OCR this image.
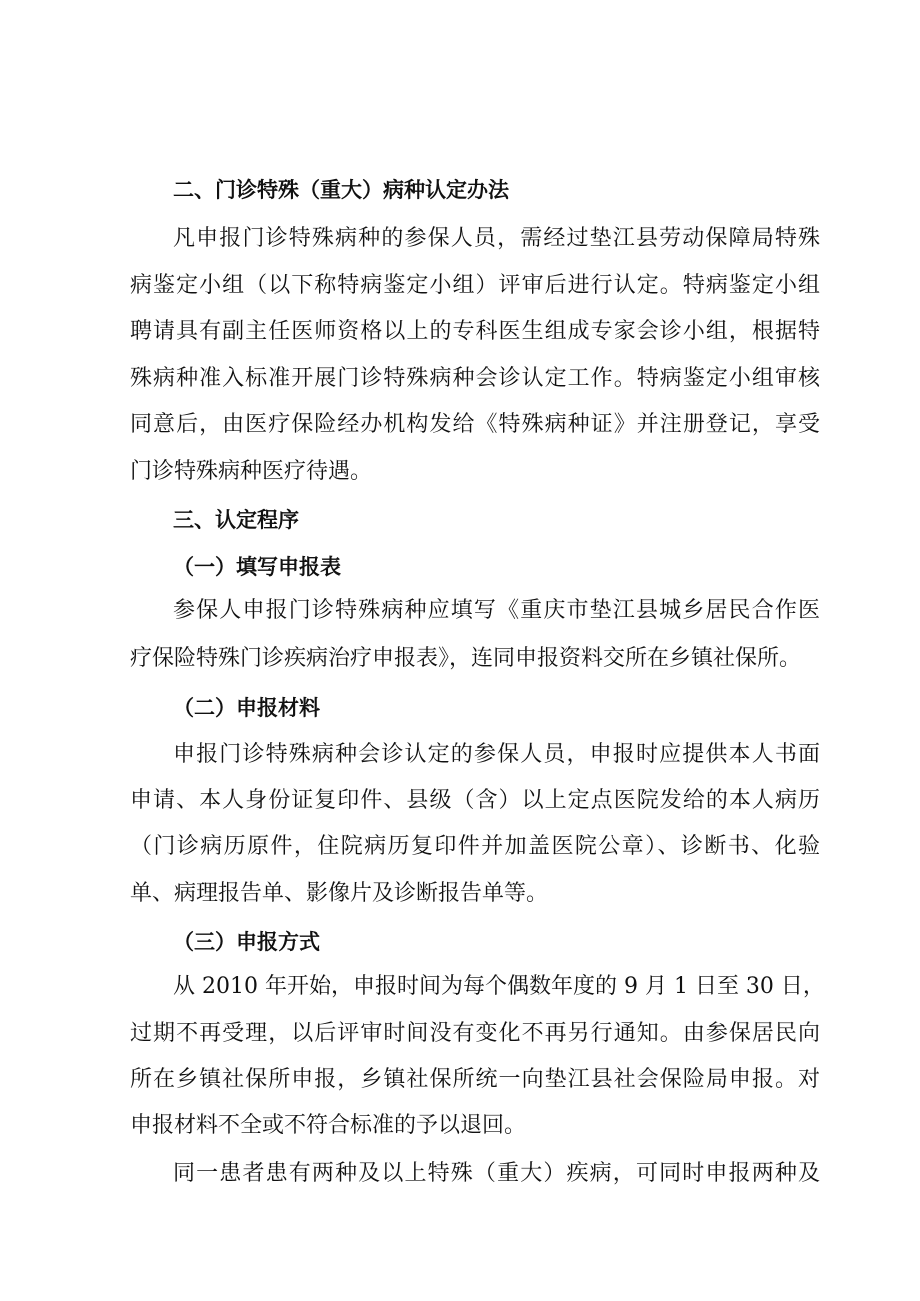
二、门诊特殊（重大）病种认定办法
凡申报门诊特殊病种的参保人员，需经过垫江县劳动保障局特殊
病鉴定小组（以下称特病鉴定小组）评审后进行认定。特病鉴定小组
聘请具有副主任医师资格以上的专科医生组成专家会诊小组，根据特
殊病种准入标准开展门诊特殊病种会诊认定工作。特病鉴定小组审核
同意后，由医疗保险经办机构发给《特殊病种证》并注册登记，享受
门诊特殊病种医疗待遇。
三、认定程序
（一）填写申报表
参保人申报门诊特殊病种应填写《重庆市垫江县城乡居民合作医
疗保险特殊门诊疾病治疗申报表》，连同申报资料交所在乡镇社保所。
（二）申报材料
申报门诊特殊病种会诊认定的参保人员，申报时应提供本人书面
申请、本人身份证复印件、县级（含）以上定点医院发给的本人病历
（门诊病历原件，住院病历复印件并加盖医院公章）、诊断书、化验
单、病理报告单、影像片及诊断报告单等。
（三）申报方式
从 2010 年开始，申报时间为每个偶数年度的 9 月 1 日至 30 日，
过期不再受理，以后评审时间没有变化不再另行通知。由参保居民向
所在乡镇社保所申报，乡镇社保所统一向垫江县社会保险局申报。对
申报材料不全或不符合标准的予以退回。
同一患者患有两种及以上特殊（重大）疾病，可同时申报两种及
